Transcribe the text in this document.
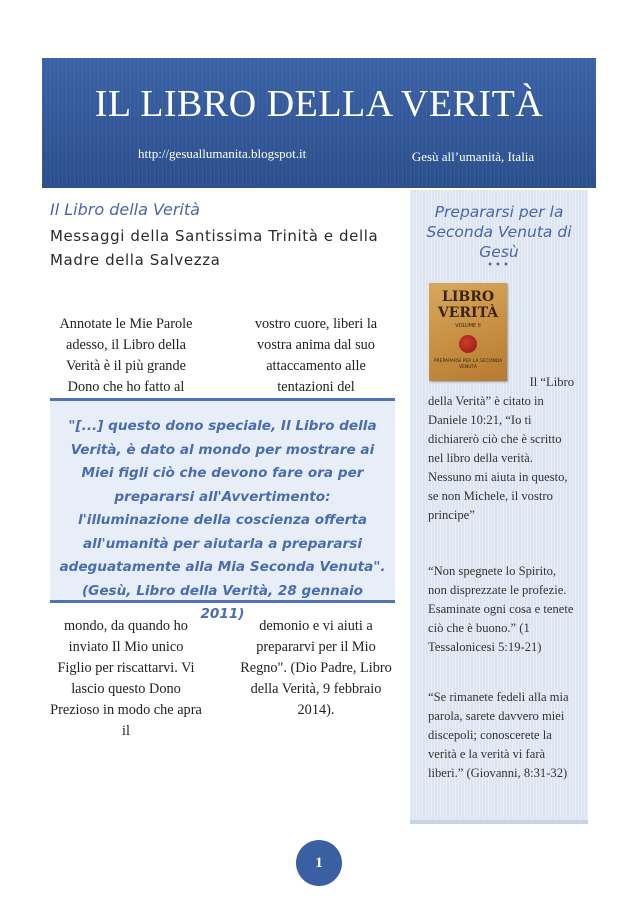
IL LIBRO DELLA VERITÀ
http://gesuallumanita.blogspot.it	Gesù all’umanità, Italia
Il Libro della Verità
Messaggi della Santissima Trinità e della Madre della Salvezza
Annotate le Mie Parole adesso, il Libro della Verità è il più grande Dono che ho fatto al
vostro cuore, liberi la vostra anima dal suo attaccamento alle tentazioni del
"[...] questo dono speciale, Il Libro della Verità, è dato al mondo per mostrare ai Miei figli ciò che devono fare ora per prepararsi all'Avvertimento: l'illuminazione della coscienza offerta all'umanità per aiutarla a prepararsi adeguatamente alla Mia Seconda Venuta". (Gesù, Libro della Verità, 28 gennaio 2011)
mondo, da quando ho inviato Il Mio unico Figlio per riscattarvi. Vi lascio questo Dono Prezioso in modo che apra il
demonio e vi aiuti a prepararvi per il Mio Regno". (Dio Padre, Libro della Verità, 9 febbraio 2014).
Prepararsi per la Seconda Venuta di Gesù
•••
LIBRO
VERITÀ
VOLUME II
PREPARARSI PER LA SECONDA VENUTA
Il “Libro
della Verità” è citato in Daniele 10:21, “Io ti dichiarerò ciò che è scritto nel libro della verità. Nessuno mi aiuta in questo, se non Michele, il vostro principe”
“Non spegnete lo Spirito, non disprezzate le profezie. Esaminate ogni cosa e tenete ciò che è buono.” (1 Tessalonicesi 5:19-21)
“Se rimanete fedeli alla mia parola, sarete davvero miei discepoli; conoscerete la verità e la verità vi farà liberi.” (Giovanni, 8:31-32)
1
